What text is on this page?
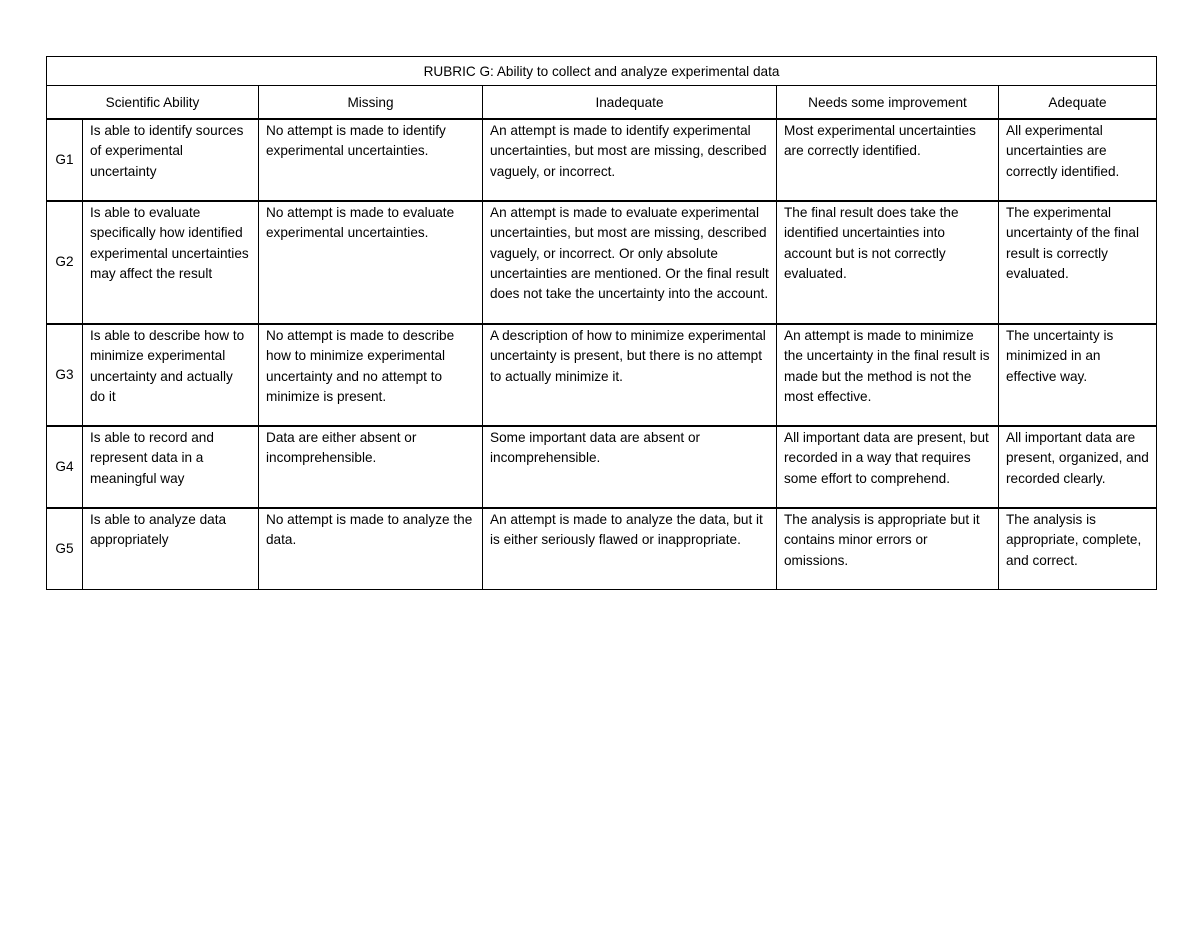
RUBRIC G: Ability to collect and analyze experimental data					
Scientific Ability		Missing	Inadequate	Needs some improvement	Adequate
G1	Is able to identify sources of experimental uncertainty	No attempt is made to identify experimental uncertainties.	An attempt is made to identify experimental uncertainties, but most are missing, described vaguely, or incorrect.	Most experimental uncertainties are correctly identified.	All experimental uncertainties are correctly identified.
G2	Is able to evaluate specifically how identified experimental uncertainties may affect the result	No attempt is made to evaluate experimental uncertainties.	An attempt is made to evaluate experimental uncertainties, but most are missing, described vaguely, or incorrect. Or only absolute uncertainties are mentioned. Or the final result does not take the uncertainty into the account.	The final result does take the identified uncertainties into account but is not correctly evaluated.	The experimental uncertainty of the final result is correctly evaluated.
G3	Is able to describe how to minimize experimental uncertainty and actually do it	No attempt is made to describe how to minimize experimental uncertainty and no attempt to minimize is present.	A description of how to minimize experimental uncertainty is present, but there is no attempt to actually minimize it.	An attempt is made to minimize the uncertainty in the final result is made but the method is not the most effective.	The uncertainty is minimized in an effective way.
G4	Is able to record and represent data in a meaningful way	Data are either absent or incomprehensible.	Some important data are absent or incomprehensible.	All important data are present, but recorded in a way that requires some effort to comprehend.	All important data are present, organized, and recorded clearly.
G5	Is able to analyze data appropriately	No attempt is made to analyze the data.	An attempt is made to analyze the data, but it is either seriously flawed or inappropriate.	The analysis is appropriate but it contains minor errors or omissions.	The analysis is appropriate, complete, and correct.
